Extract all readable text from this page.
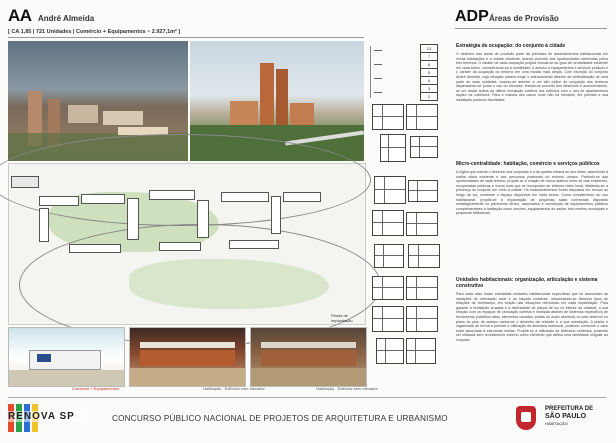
AA André Almeida
[ CA 1,85 | 721 Unidades | Comércio + Equipamentos ~ 2.927,1m² ]
ADP Áreas de Provisão
Planta de implantação
Comércio + Equipamentos	Habitação - Edifícios com elevador	Habitação - Edifícios sem elevador
13
7
6
5
4
3
2
Estratégia de ocupação: do conjunto à cidade
O desenho das áreas de provisão parte da premissa de assentamentos habitacionais em novas habitações e a cidade existente, tirando proveito das oportunidades oferecidas pelos três terrenos. O caráter de cada ocupação projeta vincula-se ao grau de centralidade existente em cada bairro, considerando-se a mobilidade, o acesso a equipamentos e serviços públicos e o caráter da ocupação do entorno em uma escala mais ampla. Com exceção do conjunto André Almeida, cuja situação urbana exige o adensamento através da verticalização de uma parte de suas unidades, buscou-se atender a um alto índice de ocupação dos terrenos dispensando-se ponto o uso do elevador, tirando-se proveito dos desníveis e acrescentando-se um andar acima da última circulação coletiva dos edifícios com o uso de apartamentos duplex na cobertura. Para a maioria dos casos onde não há elevador, fez previsto a sua instalação posterior facultativa.
Micro-centralidade: habitação, comércio e serviços públicos
A lógica que orienta o desenho dos conjuntos é a da quadra urbana de uso misto, assumindo à malha viária existente e aos percursos peatonais do entorno urbano. Partindo-se das oportunidades de cada terreno, propõe-se a criação de novos atalhos entre as vias existentes, recuperadas públicas e novos ruas que se incorporam ao sistema viário local, dilatando-se a presença do conjunto em meio à cidade. Os estacionamentos foram dispostos em recuos ao longo da via, conforme o espaço disponível em cada trecho. Como complemento ao uso habitacional, propõe-se a implantação de pequenas salas comerciais dispostas estrategicamente no pavimento térreo, associados à construção de equipamentos públicos complementares à habitação como creches, equipamentos de saúde, tele-centros municipais e pequenas bibliotecas.
Unidades habitacionais: organização, articulação e sistema construtivo
Para cada caso foram estudadas unidades habitacionais específicas que se acomodam às variações de orientação solar e ao traçado existente, relacionando-se diversos tipos de relações de vizinhança, em função das situações oferecidas em cada implantação. Para garantir a ventilação cruzada e a diversidade de planos de luz no interior da unidade, a sua relação com os espaços de circulação coletiva é mediada através de sistemas específicos de fechamento (caixilhos altos, elementos vazados, portas do duplo abertura) ou pelo desnível no plano do piso de acesso conforme o desenho da unidade e a sua orientação. A planta é organizada de forma a permitir a utilização da alvenaria estrutural, podendo conforme o caso estar associada à estruturas mistas. Propõe-se a utilização da alvenaria cerâmica, podendo ser utilizada sem revestimento externo como elemento que atribui uma identidade singular ao conjunto.
RENOVA SP	CONCURSO PÚBLICO NACIONAL DE PROJETOS DE ARQUITETURA E URBANISMO
PREFEITURA DE
SÃO PAULO
HABITAÇÃO
